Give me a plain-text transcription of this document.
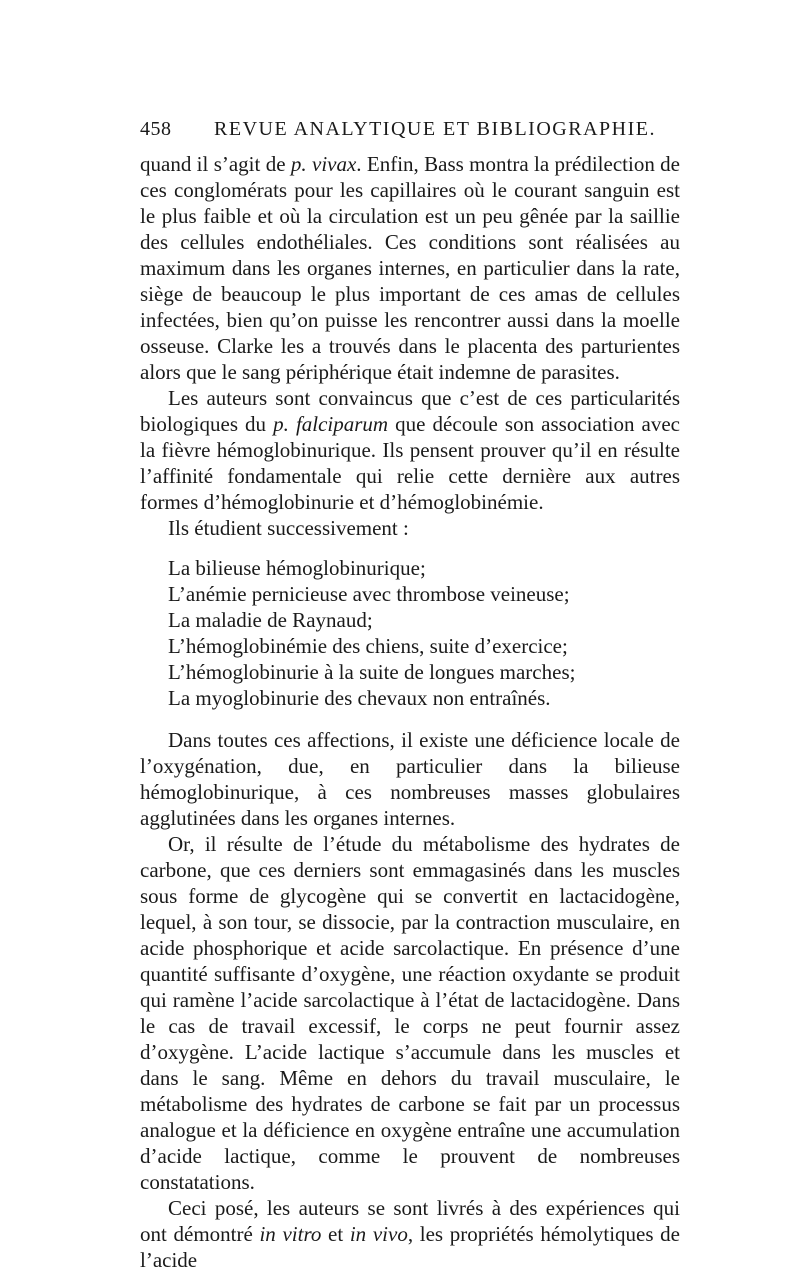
458	REVUE ANALYTIQUE ET BIBLIOGRAPHIE.

quand il s’agit de p. vivax. Enfin, Bass montra la prédilection de ces conglomérats pour les capillaires où le courant sanguin est le plus faible et où la circulation est un peu gênée par la saillie des cellules endothéliales. Ces conditions sont réalisées au maximum dans les organes internes, en particulier dans la rate, siège de beaucoup le plus important de ces amas de cellules infectées, bien qu’on puisse les rencontrer aussi dans la moelle osseuse. Clarke les a trouvés dans le placenta des parturientes alors que le sang périphérique était indemne de parasites.

Les auteurs sont convaincus que c’est de ces particularités biologiques du p. falciparum que découle son association avec la fièvre hémoglobinurique. Ils pensent prouver qu’il en résulte l’affinité fondamentale qui relie cette dernière aux autres formes d’hémoglobinurie et d’hémoglobinémie.

Ils étudient successivement :

La bilieuse hémoglobinurique;
L’anémie pernicieuse avec thrombose veineuse;
La maladie de Raynaud;
L’hémoglobinémie des chiens, suite d’exercice;
L’hémoglobinurie à la suite de longues marches;
La myoglobinurie des chevaux non entraînés.

Dans toutes ces affections, il existe une déficience locale de l’oxygénation, due, en particulier dans la bilieuse hémoglobinurique, à ces nombreuses masses globulaires agglutinées dans les organes internes.

Or, il résulte de l’étude du métabolisme des hydrates de carbone, que ces derniers sont emmagasinés dans les muscles sous forme de glycogène qui se convertit en lactacidogène, lequel, à son tour, se dissocie, par la contraction musculaire, en acide phosphorique et acide sarcolactique. En présence d’une quantité suffisante d’oxygène, une réaction oxydante se produit qui ramène l’acide sarcolactique à l’état de lactacidogène. Dans le cas de travail excessif, le corps ne peut fournir assez d’oxygène. L’acide lactique s’accumule dans les muscles et dans le sang. Même en dehors du travail musculaire, le métabolisme des hydrates de carbone se fait par un processus analogue et la déficience en oxygène entraîne une accumulation d’acide lactique, comme le prouvent de nombreuses constatations.

Ceci posé, les auteurs se sont livrés à des expériences qui ont démontré in vitro et in vivo, les propriétés hémolytiques de l’acide
